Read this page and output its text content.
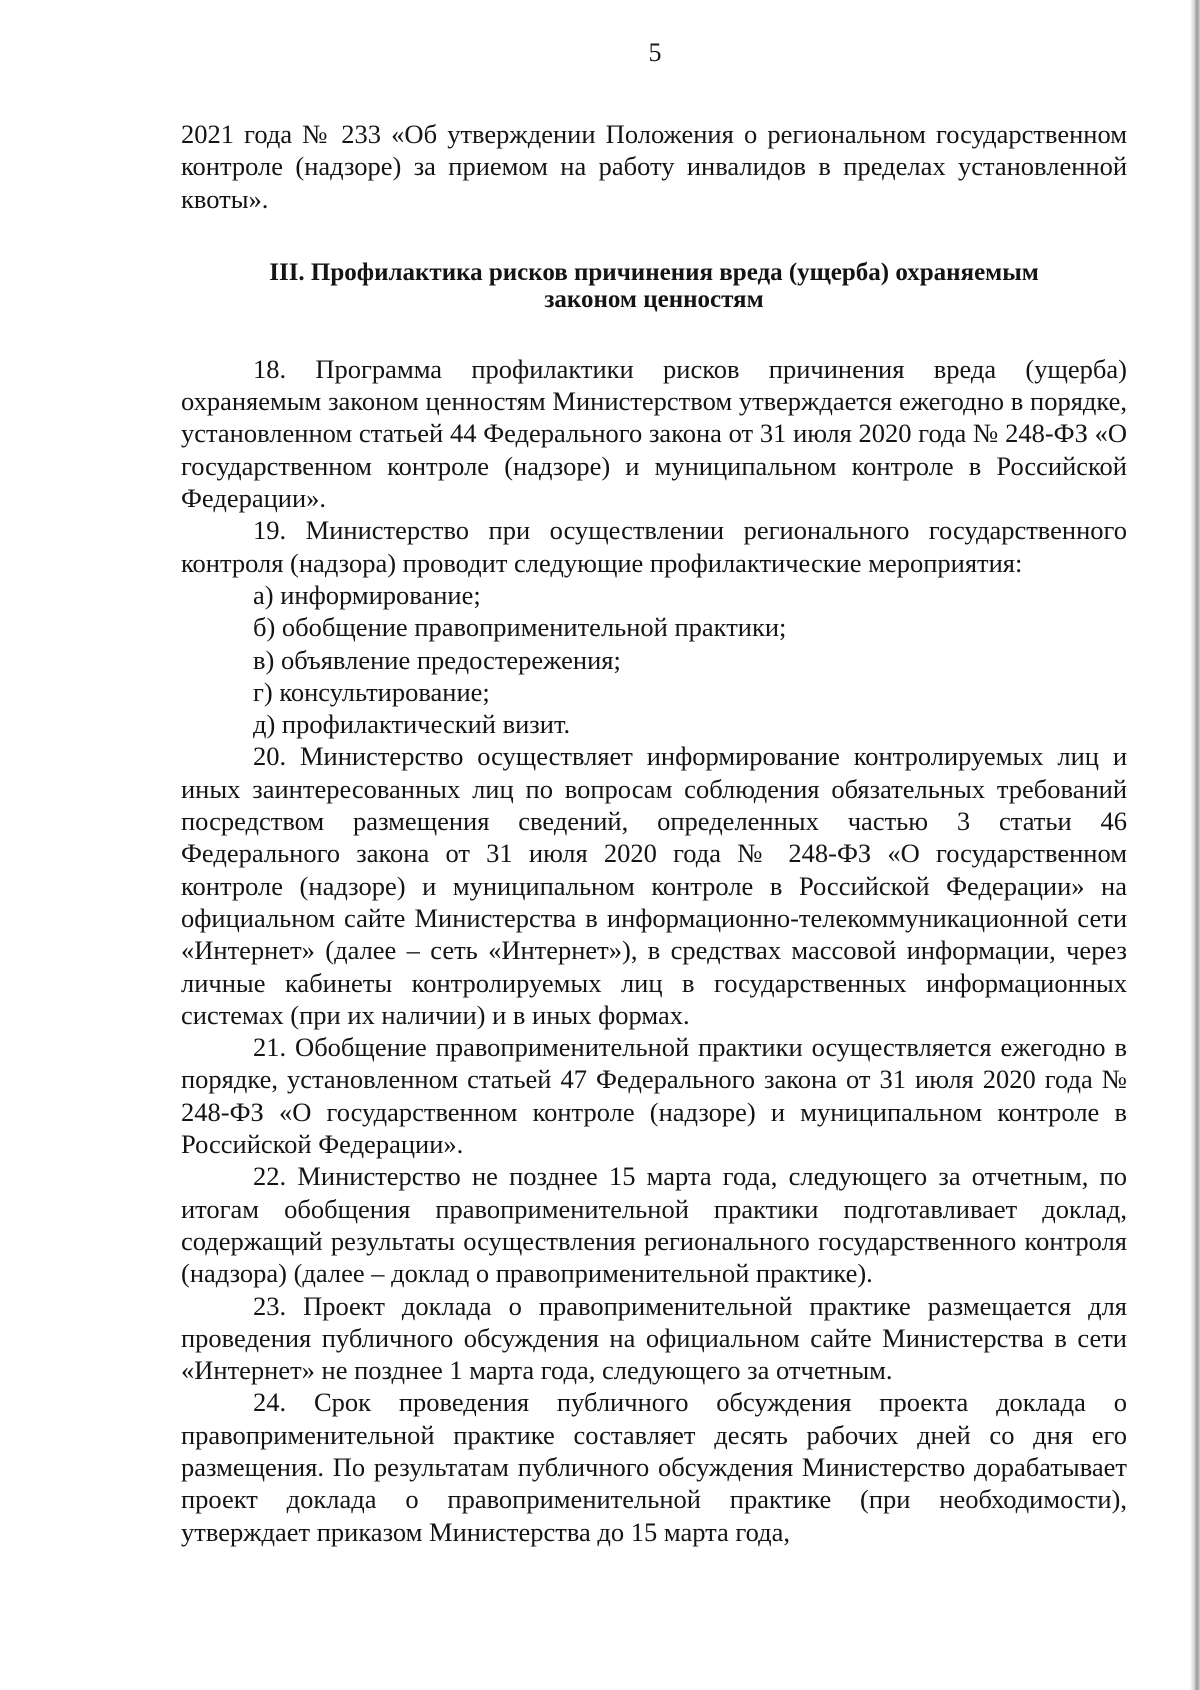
5

2021 года № 233 «Об утверждении Положения о региональном государственном контроле (надзоре) за приемом на работу инвалидов в пределах установленной квоты».

III. Профилактика рисков причинения вреда (ущерба) охраняемым

законом ценностям

18. Программа профилактики рисков причинения вреда (ущерба) охраняемым законом ценностям Министерством утверждается ежегодно в порядке, установленном статьей 44 Федерального закона от 31 июля 2020 года № 248-ФЗ «О государственном контроле (надзоре) и муниципальном контроле в Российской Федерации».

19. Министерство при осуществлении регионального государственного контроля (надзора) проводит следующие профилактические мероприятия:

а) информирование;

б) обобщение правоприменительной практики;

в) объявление предостережения;

г) консультирование;

д) профилактический визит.

20. Министерство осуществляет информирование контролируемых лиц и иных заинтересованных лиц по вопросам соблюдения обязательных требований посредством размещения сведений, определенных частью 3 статьи 46 Федерального закона от 31 июля 2020 года № 248-ФЗ «О государственном контроле (надзоре) и муниципальном контроле в Российской Федерации» на официальном сайте Министерства в информационно-телекоммуникационной сети «Интернет» (далее – сеть «Интернет»), в средствах массовой информации, через личные кабинеты контролируемых лиц в государственных информационных системах (при их наличии) и в иных формах.

21. Обобщение правоприменительной практики осуществляется ежегодно в порядке, установленном статьей 47 Федерального закона от 31 июля 2020 года № 248-ФЗ «О государственном контроле (надзоре) и муниципальном контроле в Российской Федерации».

22. Министерство не позднее 15 марта года, следующего за отчетным, по итогам обобщения правоприменительной практики подготавливает доклад, содержащий результаты осуществления регионального государственного контроля (надзора) (далее – доклад о правоприменительной практике).

23. Проект доклада о правоприменительной практике размещается для проведения публичного обсуждения на официальном сайте Министерства в сети «Интернет» не позднее 1 марта года, следующего за отчетным.

24. Срок проведения публичного обсуждения проекта доклада о правоприменительной практике составляет десять рабочих дней со дня его размещения. По результатам публичного обсуждения Министерство дорабатывает проект доклада о правоприменительной практике (при необходимости), утверждает приказом Министерства до 15 марта года,
